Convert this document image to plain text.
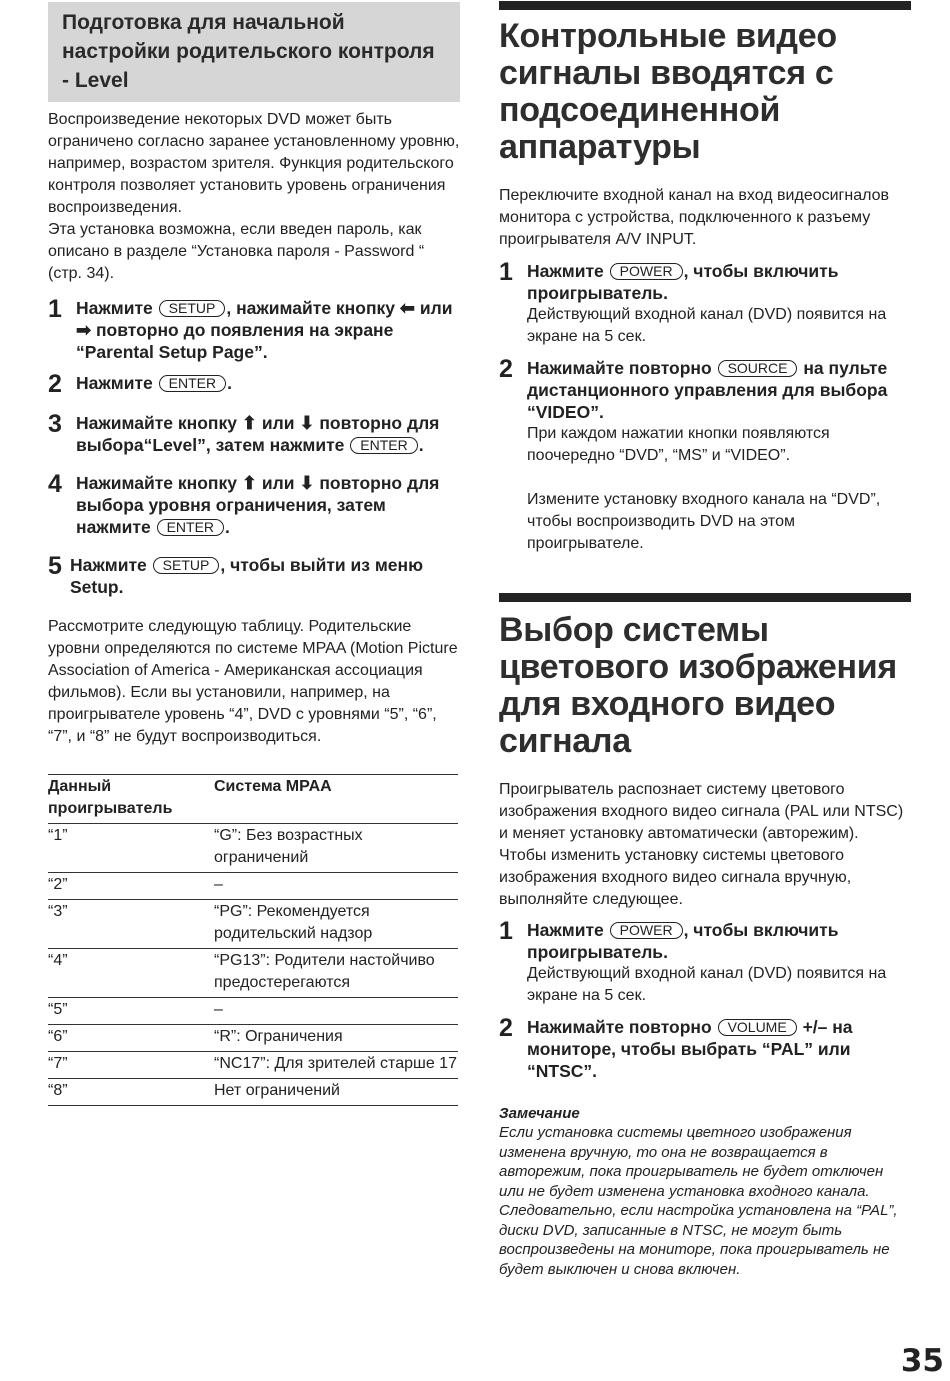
Подготовка для начальной настройки родительского контроля - Level

Воспроизведение некоторых DVD может быть ограничено согласно заранее установленному уровню, например, возрастом зрителя. Функция родительского контроля позволяет установить уровень ограничения воспроизведения.

Эта установка возможна, если введен пароль, как описано в разделе “Установка пароля - Password “ (стр. 34).

1 Нажмите SETUP , нажимайте кнопку ⬅ или ➡ повторно до появления на экране “Parental Setup Page”.
2 Нажмите ENTER .
3 Нажимайте кнопку ⬆ или ⬇ повторно для выбора“Level”, затем нажмите ENTER .
4 Нажимайте кнопку ⬆ или ⬇ повторно для выбора уровня ограничения, затем нажмите ENTER .
5 Нажмите SETUP , чтобы выйти из меню Setup.

Рассмотрите следующую таблицу. Родительские уровни определяются по системе MPAA (Motion Picture Association of America - Американская ассоциация фильмов). Если вы установили, например, на проигрывателе уровень “4”, DVD с уровнями “5”, “6”, “7”, и “8” не будут воспроизводиться.

Данный проигрыватель	Система MPAA
“1”	“G”: Без возрастных ограничений
“2”	–
“3”	“PG”: Рекомендуется родительский надзор
“4”	“PG13”: Родители настойчиво предостерегаются
“5”	–
“6”	“R”: Ограничения
“7”	“NC17”: Для зрителей старше 17
“8”	Нет ограничений
Контрольные видео сигналы вводятся с подсоединенной аппаратуры

Переключите входной канал на вход видеосигналов монитора с устройства, подключенного к разъему проигрывателя A/V INPUT.

1 Нажмите POWER , чтобы включить проигрыватель.
Действующий входной канал (DVD) появится на экране на 5 сек.
2 Нажимайте повторно SOURCE на пульте дистанционного управления для выбора “VIDEO”.
При каждом нажатии кнопки появляются поочередно “DVD”, “MS” и “VIDEO”.
Измените установку входного канала на “DVD”, чтобы воспроизводить DVD на этом проигрывателе.
Выбор системы цветового изображения для входного видео сигнала

Проигрыватель распознает систему цветового изображения входного видео сигнала (PAL или NTSC) и меняет установку автоматически (авторежим).

Чтобы изменить установку системы цветового изображения входного видео сигнала вручную, выполняйте следующее.

1 Нажмите POWER , чтобы включить проигрыватель.
Действующий входной канал (DVD) появится на экране на 5 сек.
2 Нажимайте повторно VOLUME +/– на мониторе, чтобы выбрать “PAL” или “NTSC”.
Замечание
Если установка системы цветного изображения изменена вручную, то она не возвращается в авторежим, пока проигрыватель не будет отключен или не будет изменена установка входного канала. Следовательно, если настройка установлена на “PAL”, диски DVD, записанные в NTSC, не могут быть воспроизведены на мониторе, пока проигрыватель не будет выключен и снова включен.
35
